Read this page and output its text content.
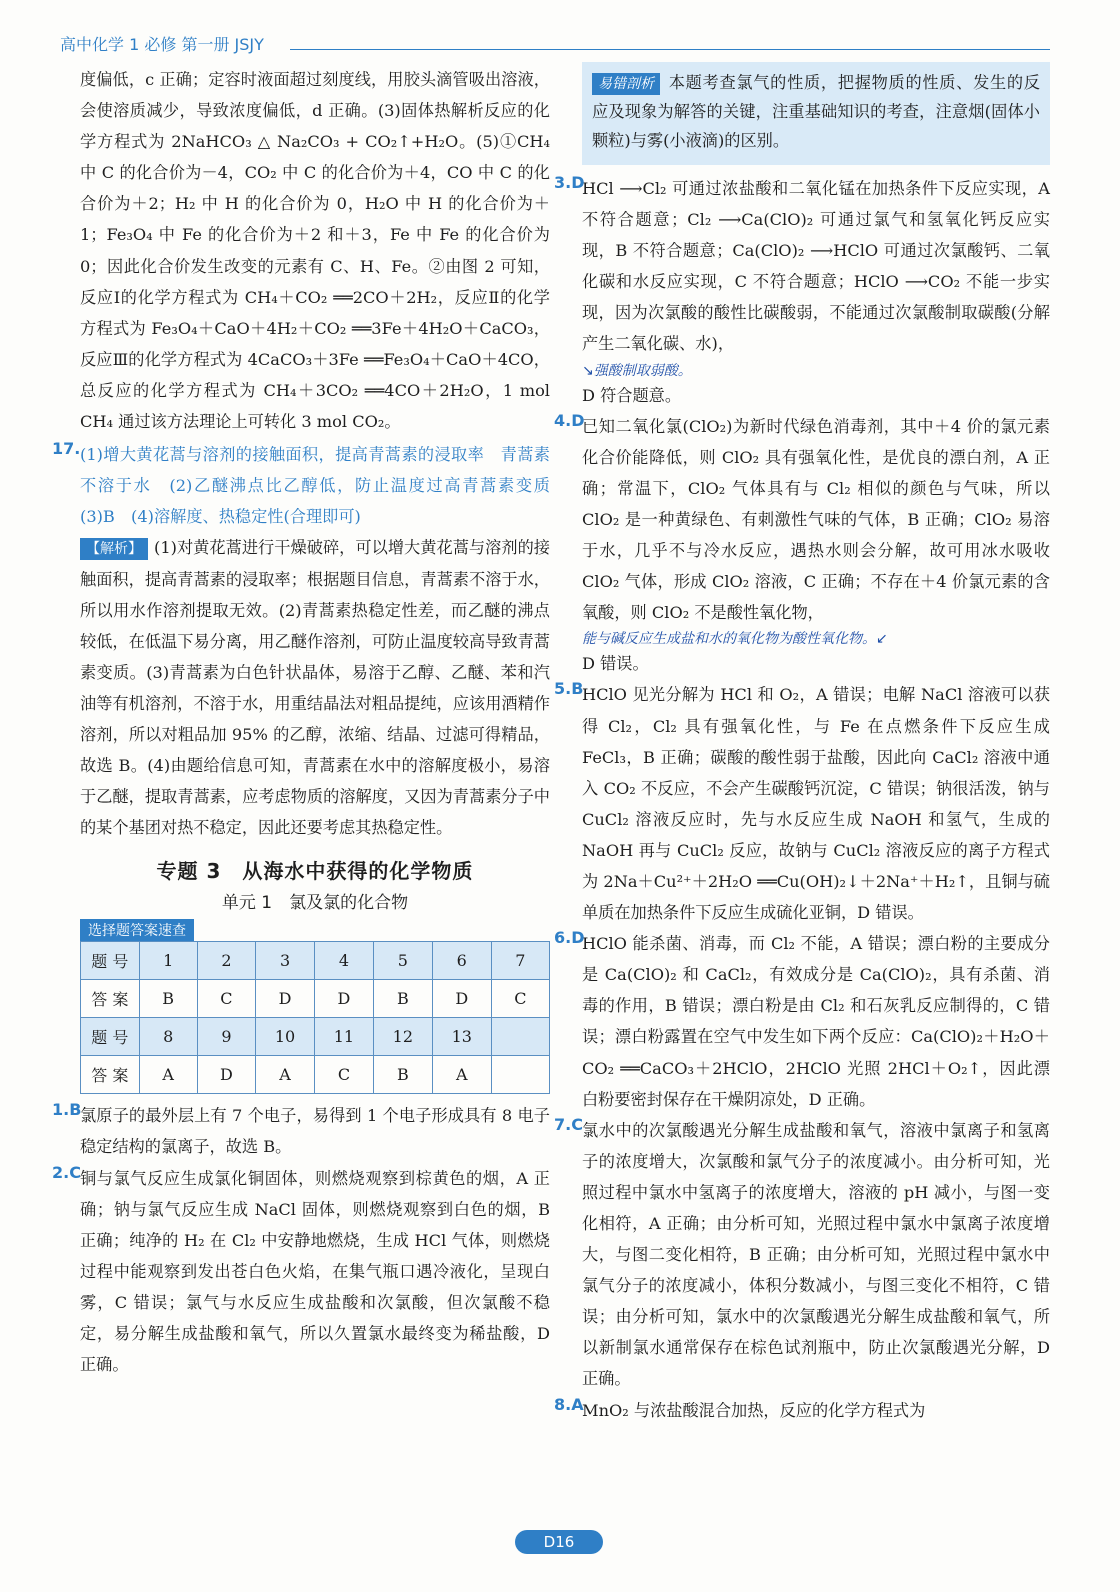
高中化学 1 必修 第一册 JSJY

度偏低，c 正确；定容时液面超过刻度线，用胶头滴管吸出溶液，会使溶质减少，导致浓度偏低，d 正确。(3)固体热解析反应的化学方程式为 2NaHCO₃ △ Na₂CO₃ + CO₂↑+H₂O。(5)①CH₄ 中 C 的化合价为－4，CO₂ 中 C 的化合价为＋4，CO 中 C 的化合价为＋2；H₂ 中 H 的化合价为 0，H₂O 中 H 的化合价为＋1；Fe₃O₄ 中 Fe 的化合价为＋2 和＋3，Fe 中 Fe 的化合价为 0；因此化合价发生改变的元素有 C、H、Fe。②由图 2 可知，反应Ⅰ的化学方程式为 CH₄＋CO₂ ══2CO＋2H₂，反应Ⅱ的化学方程式为 Fe₃O₄＋CaO＋4H₂＋CO₂ ══3Fe＋4H₂O＋CaCO₃，反应Ⅲ的化学方程式为 4CaCO₃＋3Fe ══Fe₃O₄＋CaO＋4CO，总反应的化学方程式为 CH₄＋3CO₂ ══4CO＋2H₂O，1 mol CH₄ 通过该方法理论上可转化 3 mol CO₂。

17. (1)增大黄花蒿与溶剂的接触面积，提高青蒿素的浸取率　青蒿素不溶于水　(2)乙醚沸点比乙醇低，防止温度过高青蒿素变质　(3)B　(4)溶解度、热稳定性(合理即可)

【解析】 (1)对黄花蒿进行干燥破碎，可以增大黄花蒿与溶剂的接触面积，提高青蒿素的浸取率；根据题目信息，青蒿素不溶于水，所以用水作溶剂提取无效。(2)青蒿素热稳定性差，而乙醚的沸点较低，在低温下易分离，用乙醚作溶剂，可防止温度较高导致青蒿素变质。(3)青蒿素为白色针状晶体，易溶于乙醇、乙醚、苯和汽油等有机溶剂，不溶于水，用重结晶法对粗品提纯，应该用酒精作溶剂，所以对粗品加 95% 的乙醇，浓缩、结晶、过滤可得精品，故选 B。(4)由题给信息可知，青蒿素在水中的溶解度极小，易溶于乙醚，提取青蒿素，应考虑物质的溶解度，又因为青蒿素分子中的某个基团对热不稳定，因此还要考虑其热稳定性。

专题 3　从海水中获得的化学物质
单元 1　氯及氯的化合物
选择题答案速查
题 号	1	2	3	4	5	6	7
答 案	B	C	D	D	B	D	C
题 号	8	9	10	11	12	13	
答 案	A	D	A	C	B	A	
1.B

氯原子的最外层上有 7 个电子，易得到 1 个电子形成具有 8 电子稳定结构的氯离子，故选 B。

2.C 铜与氯气反应生成氯化铜固体，则燃烧观察到棕黄色的烟，A 正确；钠与氯气反应生成 NaCl 固体，则燃烧观察到白色的烟，B 正确；纯净的 H₂ 在 Cl₂ 中安静地燃烧，生成 HCl 气体，则燃烧过程中能观察到发出苍白色火焰，在集气瓶口遇冷液化，呈现白雾，C 错误；氯气与水反应生成盐酸和次氯酸，但次氯酸不稳定，易分解生成盐酸和氧气，所以久置氯水最终变为稀盐酸，D 正确。

易错剖析 本题考查氯气的性质，把握物质的性质、发生的反应及现象为解答的关键，注重基础知识的考查，注意烟(固体小颗粒)与雾(小液滴)的区别。

3.D

HCl ⟶Cl₂ 可通过浓盐酸和二氧化锰在加热条件下反应实现，A 不符合题意；Cl₂ ⟶Ca(ClO)₂ 可通过氯气和氢氧化钙反应实现，B 不符合题意；Ca(ClO)₂ ⟶HClO 可通过次氯酸钙、二氧化碳和水反应实现，C 不符合题意；HClO ⟶CO₂ 不能一步实现，因为次氯酸的酸性比碳酸弱，不能通过次氯酸制取碳酸(分解产生二氧化碳、水)，

↘强酸制取弱酸。

D 符合题意。

4.D

已知二氧化氯(ClO₂)为新时代绿色消毒剂，其中＋4 价的氯元素化合价能降低，则 ClO₂ 具有强氧化性，是优良的漂白剂，A 正确；常温下，ClO₂ 气体具有与 Cl₂ 相似的颜色与气味，所以 ClO₂ 是一种黄绿色、有刺激性气味的气体，B 正确；ClO₂ 易溶于水，几乎不与冷水反应，遇热水则会分解，故可用冰水吸收 ClO₂ 气体，形成 ClO₂ 溶液，C 正确；不存在＋4 价氯元素的含氧酸，则 ClO₂ 不是酸性氧化物，

能与碱反应生成盐和水的氧化物为酸性氧化物。↙

D 错误。

5.B

HClO 见光分解为 HCl 和 O₂，A 错误；电解 NaCl 溶液可以获得 Cl₂，Cl₂ 具有强氧化性，与 Fe 在点燃条件下反应生成 FeCl₃，B 正确；碳酸的酸性弱于盐酸，因此向 CaCl₂ 溶液中通入 CO₂ 不反应，不会产生碳酸钙沉淀，C 错误；钠很活泼，钠与 CuCl₂ 溶液反应时，先与水反应生成 NaOH 和氢气，生成的 NaOH 再与 CuCl₂ 反应，故钠与 CuCl₂ 溶液反应的离子方程式为 2Na＋Cu²⁺＋2H₂O ══Cu(OH)₂↓＋2Na⁺＋H₂↑，且铜与硫单质在加热条件下反应生成硫化亚铜，D 错误。

6.D

HClO 能杀菌、消毒，而 Cl₂ 不能，A 错误；漂白粉的主要成分是 Ca(ClO)₂ 和 CaCl₂，有效成分是 Ca(ClO)₂，具有杀菌、消毒的作用，B 错误；漂白粉是由 Cl₂ 和石灰乳反应制得的，C 错误；漂白粉露置在空气中发生如下两个反应：Ca(ClO)₂＋H₂O＋CO₂ ══CaCO₃＋2HClO，2HClO 光照 2HCl＋O₂↑，因此漂白粉要密封保存在干燥阴凉处，D 正确。

7.C 氯水中的次氯酸遇光分解生成盐酸和氧气，溶液中氯离子和氢离子的浓度增大，次氯酸和氯气分子的浓度减小。由分析可知，光照过程中氯水中氢离子的浓度增大，溶液的 pH 减小，与图一变化相符，A 正确；由分析可知，光照过程中氯水中氯离子浓度增大，与图二变化相符，B 正确；由分析可知，光照过程中氯水中氯气分子的浓度减小，体积分数减小，与图三变化不相符，C 错误；由分析可知，氯水中的次氯酸遇光分解生成盐酸和氧气，所以新制氯水通常保存在棕色试剂瓶中，防止次氯酸遇光分解，D 正确。

8.A

MnO₂ 与浓盐酸混合加热，反应的化学方程式为

D16
